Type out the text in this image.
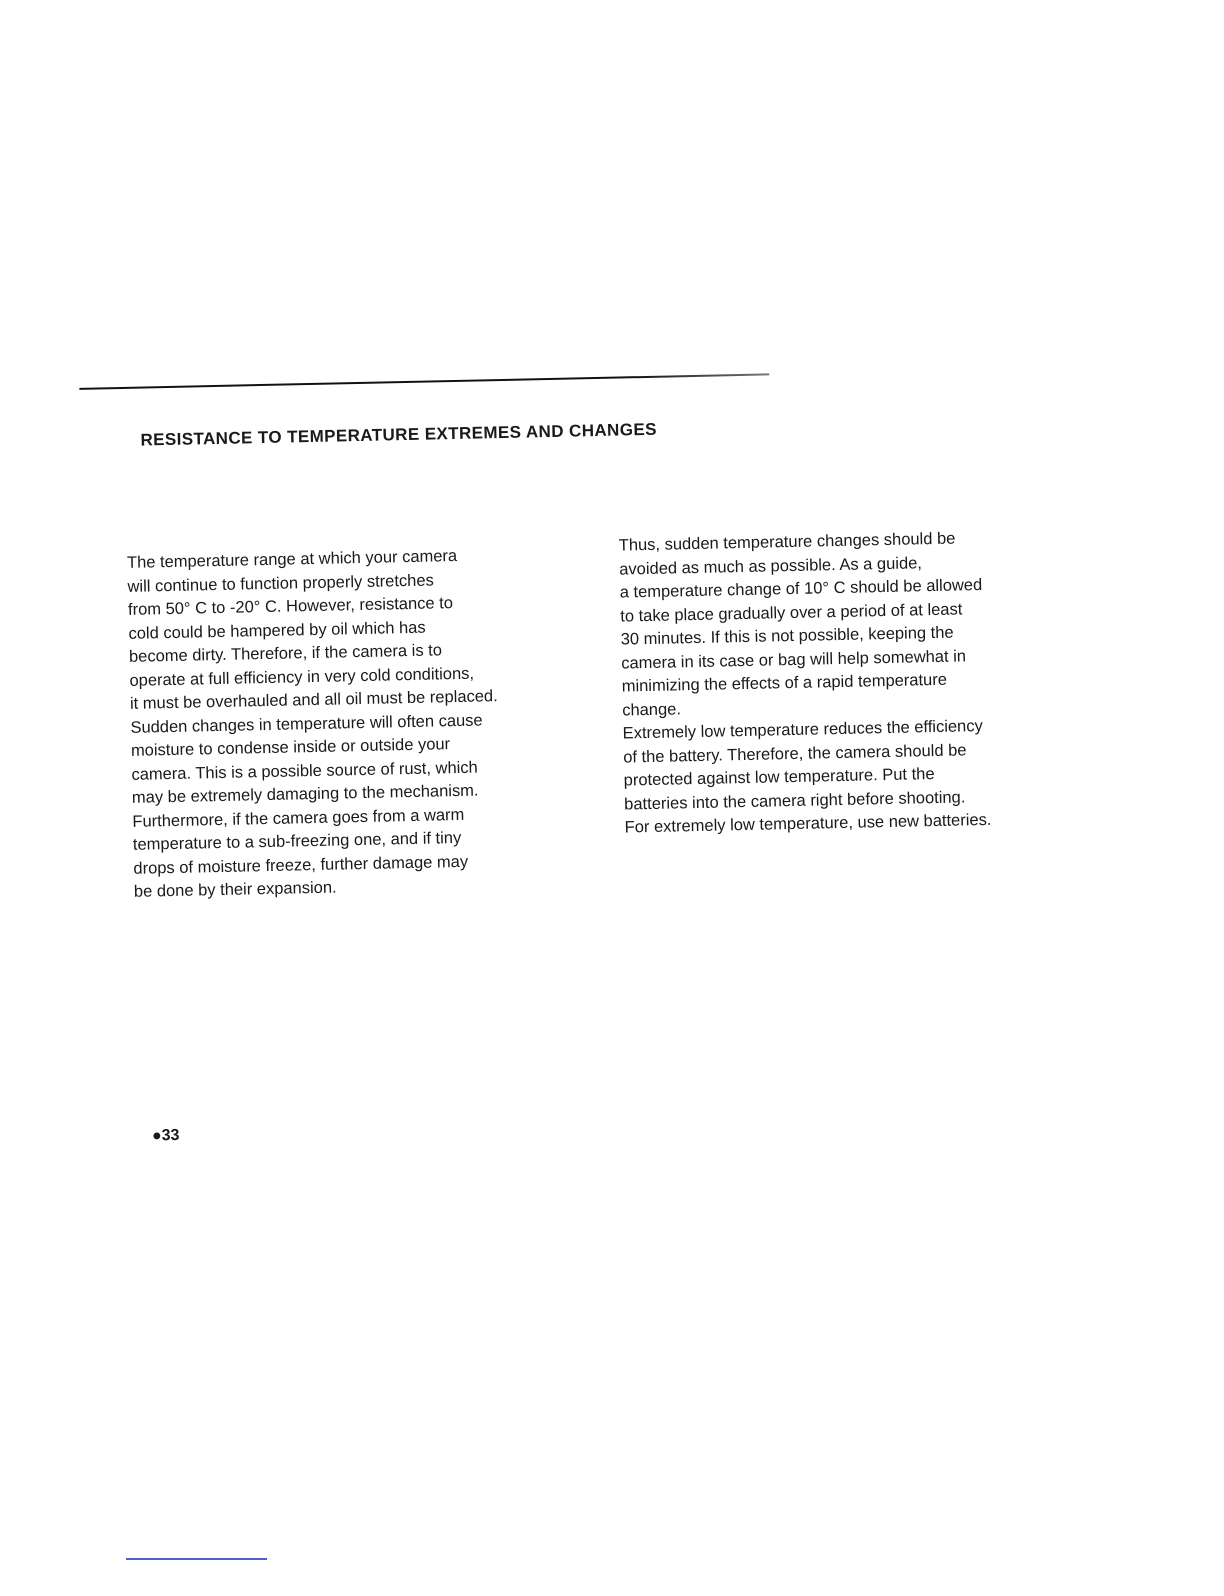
RESISTANCE TO TEMPERATURE EXTREMES AND CHANGES
The temperature range at which your camera
will continue to function properly stretches
from 50° C to -20° C. However, resistance to
cold could be hampered by oil which has
become dirty. Therefore, if the camera is to
operate at full efficiency in very cold conditions,
it must be overhauled and all oil must be replaced.
Sudden changes in temperature will often cause
moisture to condense inside or outside your
camera. This is a possible source of rust, which
may be extremely damaging to the mechanism.
Furthermore, if the camera goes from a warm
temperature to a sub-freezing one, and if tiny
drops of moisture freeze, further damage may
be done by their expansion.
Thus, sudden temperature changes should be
avoided as much as possible. As a guide,
a temperature change of 10° C should be allowed
to take place gradually over a period of at least
30 minutes. If this is not possible, keeping the
camera in its case or bag will help somewhat in
minimizing the effects of a rapid temperature
change.
Extremely low temperature reduces the efficiency
of the battery. Therefore, the camera should be
protected against low temperature. Put the
batteries into the camera right before shooting.
For extremely low temperature, use new batteries.
●33
